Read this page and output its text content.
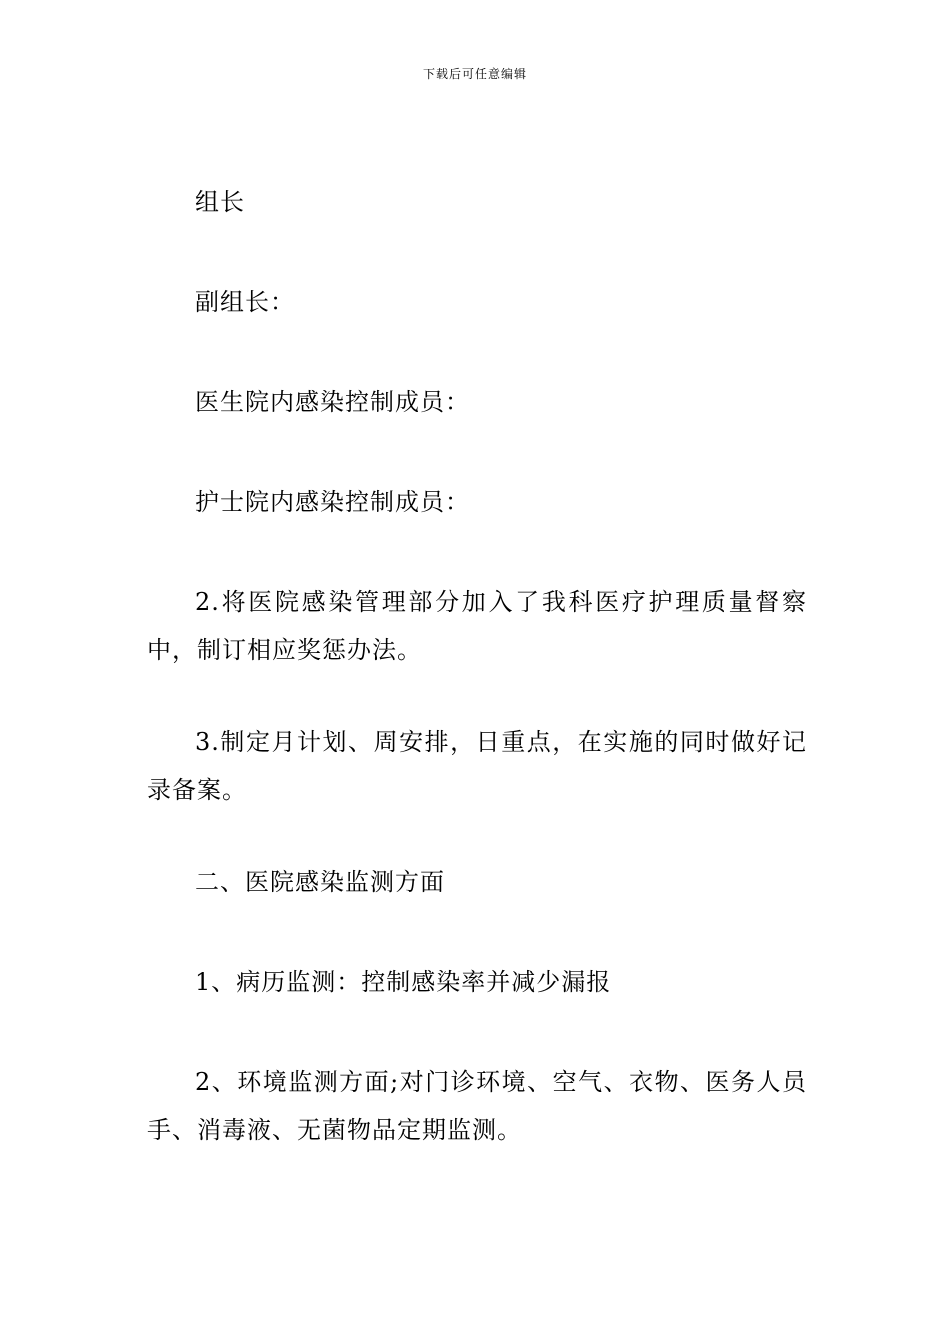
下载后可任意编辑

组长

副组长：

医生院内感染控制成员：

护士院内感染控制成员：

2.将医院感染管理部分加入了我科医疗护理质量督察中，制订相应奖惩办法。

3.制定月计划、周安排，日重点，在实施的同时做好记录备案。

二、医院感染监测方面

1、病历监测：控制感染率并减少漏报

2、环境监测方面;对门诊环境、空气、衣物、医务人员手、消毒液、无菌物品定期监测。
